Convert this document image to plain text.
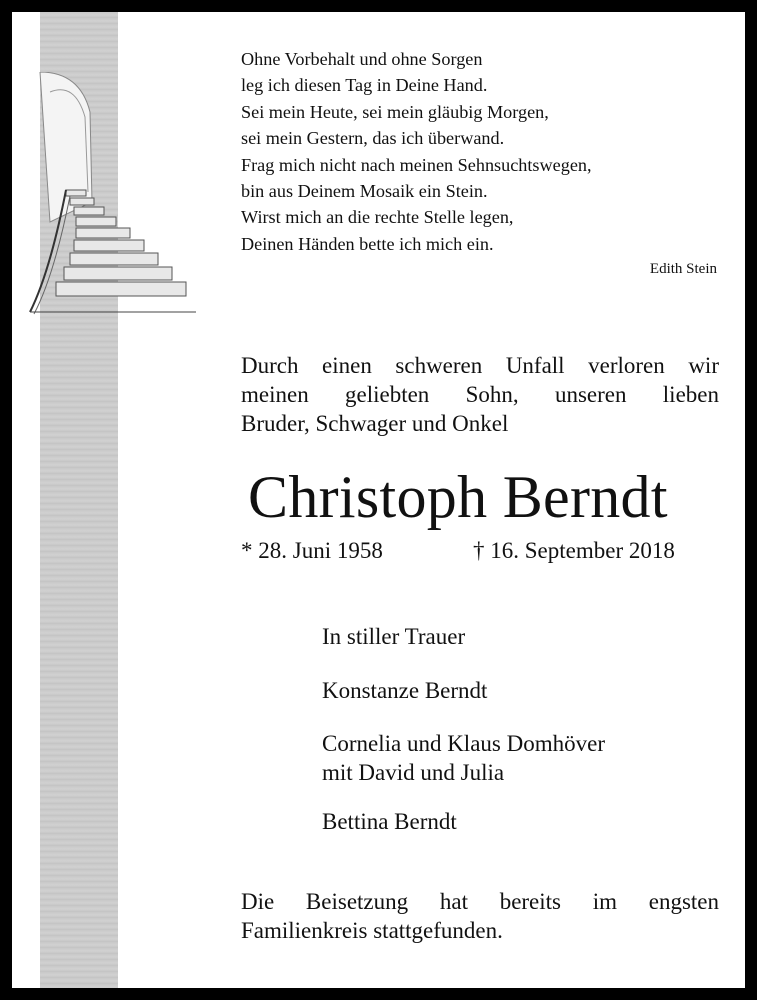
Ohne Vorbehalt und ohne Sorgen
leg ich diesen Tag in Deine Hand.
Sei mein Heute, sei mein gläubig Morgen,
sei mein Gestern, das ich überwand.
Frag mich nicht nach meinen Sehnsuchtswegen,
bin aus Deinem Mosaik ein Stein.
Wirst mich an die rechte Stelle legen,
Deinen Händen bette ich mich ein.
Edith Stein
Durch einen schweren Unfall verloren wir
meinen geliebten Sohn, unseren lieben
Bruder, Schwager und Onkel
Christoph Berndt
* 28. Juni 1958	† 16. September 2018
In stiller Trauer
Konstanze Berndt
Cornelia und Klaus Domhöver
mit David und Julia
Bettina Berndt
Die Beisetzung hat bereits im engsten
Familienkreis stattgefunden.
